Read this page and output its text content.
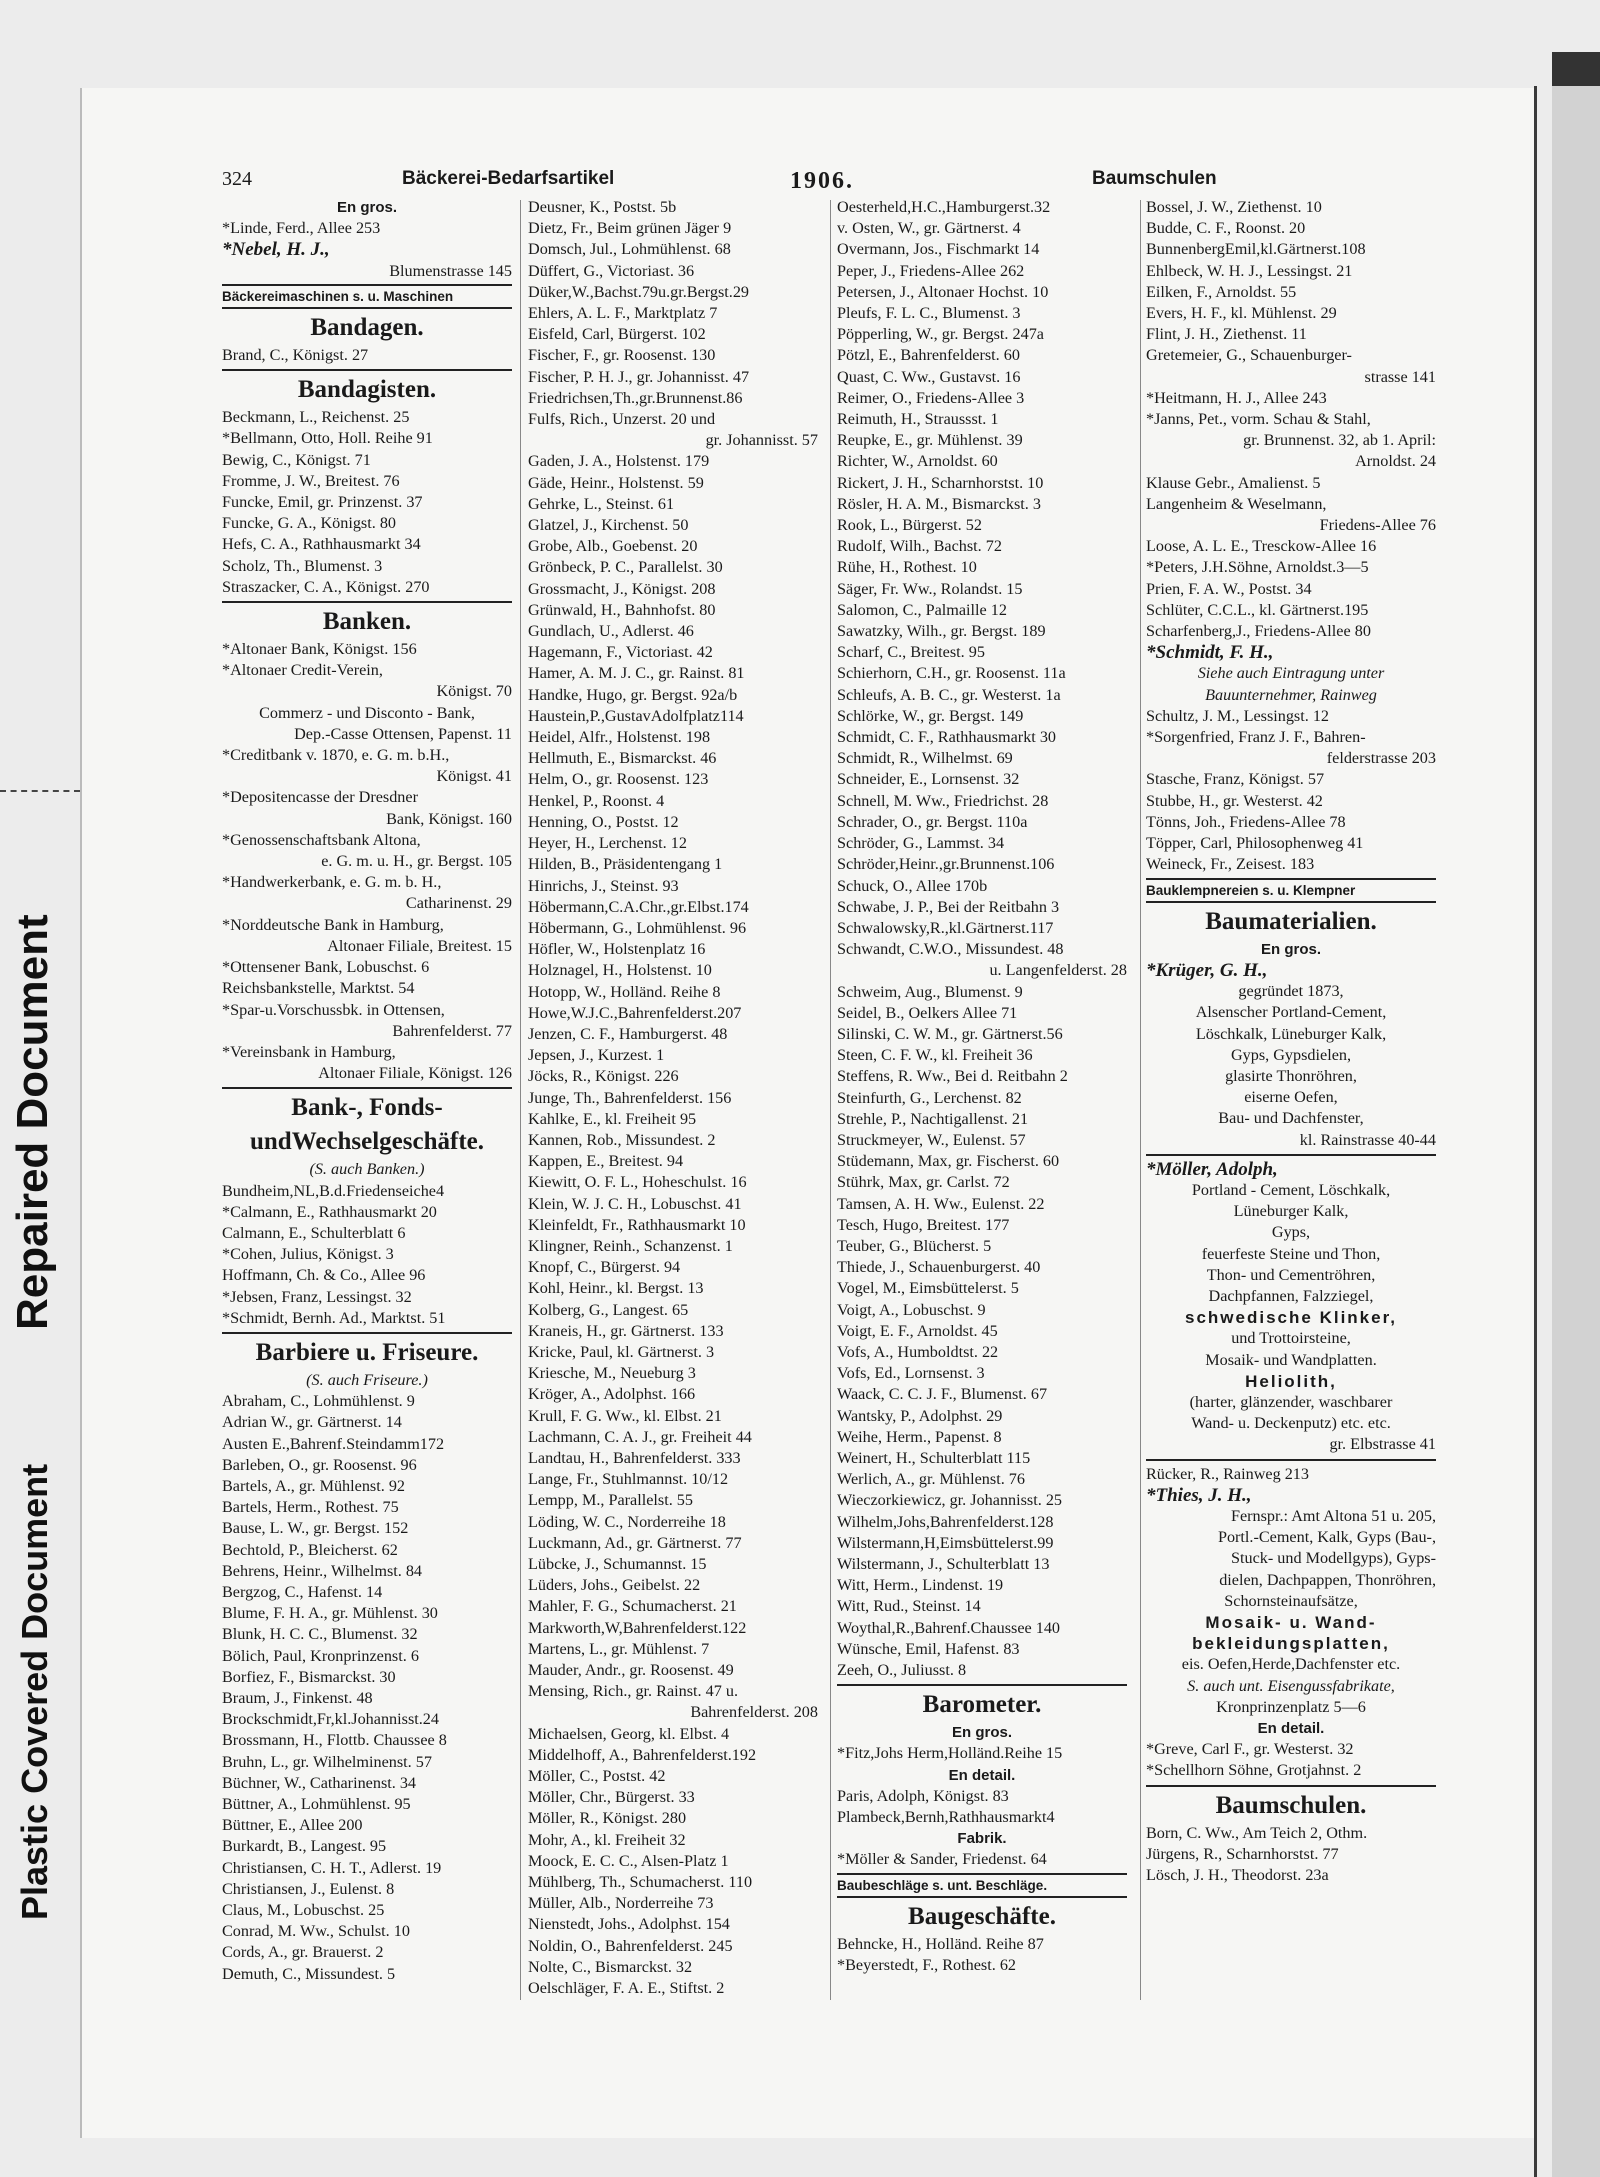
Repaired Document
Plastic Covered Document
324	Bäckerei-Bedarfsartikel	1906.	Baumschulen
En gros.
*Linde, Ferd., Allee 253
*Nebel, H. J.,
Blumenstrasse 145
Bäckereimaschinen s. u. Maschinen
Bandagen.
Brand, C., Königst. 27
Bandagisten.
Beckmann, L., Reichenst. 25
*Bellmann, Otto, Holl. Reihe 91
Bewig, C., Königst. 71
Fromme, J. W., Breitest. 76
Funcke, Emil, gr. Prinzenst. 37
Funcke, G. A., Königst. 80
Hefs, C. A., Rathhausmarkt 34
Scholz, Th., Blumenst. 3
Straszacker, C. A., Königst. 270
Banken.
*Altonaer Bank, Königst. 156
*Altonaer Credit-Verein,
Königst. 70
Commerz - und Disconto - Bank,
Dep.-Casse Ottensen, Papenst. 11
*Creditbank v. 1870, e. G. m. b.H.,
Königst. 41
*Depositencasse der Dresdner
Bank, Königst. 160
*Genossenschaftsbank Altona,
e. G. m. u. H., gr. Bergst. 105
*Handwerkerbank, e. G. m. b. H.,
Catharinenst. 29
*Norddeutsche Bank in Hamburg,
Altonaer Filiale, Breitest. 15
*Ottensener Bank, Lobuschst. 6
Reichsbankstelle, Marktst. 54
*Spar-u.Vorschussbk. in Ottensen,
Bahrenfelderst. 77
*Vereinsbank in Hamburg,
Altonaer Filiale, Königst. 126
Bank-, Fonds-
undWechselgeschäfte.
(S. auch Banken.)
Bundheim,NL,B.d.Friedenseiche4
*Calmann, E., Rathhausmarkt 20
Calmann, E., Schulterblatt 6
*Cohen, Julius, Königst. 3
Hoffmann, Ch. & Co., Allee 96
*Jebsen, Franz, Lessingst. 32
*Schmidt, Bernh. Ad., Marktst. 51
Barbiere u. Friseure.
(S. auch Friseure.)
Abraham, C., Lohmühlenst. 9
Adrian W., gr. Gärtnerst. 14
Austen E.,Bahrenf.Steindamm172
Barleben, O., gr. Roosenst. 96
Bartels, A., gr. Mühlenst. 92
Bartels, Herm., Rothest. 75
Bause, L. W., gr. Bergst. 152
Bechtold, P., Bleicherst. 62
Behrens, Heinr., Wilhelmst. 84
Bergzog, C., Hafenst. 14
Blume, F. H. A., gr. Mühlenst. 30
Blunk, H. C. C., Blumenst. 32
Bölich, Paul, Kronprinzenst. 6
Borfiez, F., Bismarckst. 30
Braum, J., Finkenst. 48
Brockschmidt,Fr,kl.Johannisst.24
Brossmann, H., Flottb. Chaussee 8
Bruhn, L., gr. Wilhelminenst. 57
Büchner, W., Catharinenst. 34
Büttner, A., Lohmühlenst. 95
Büttner, E., Allee 200
Burkardt, B., Langest. 95
Christiansen, C. H. T., Adlerst. 19
Christiansen, J., Eulenst. 8
Claus, M., Lobuschst. 25
Conrad, M. Ww., Schulst. 10
Cords, A., gr. Brauerst. 2
Demuth, C., Missundest. 5
Deusner, K., Postst. 5b
Dietz, Fr., Beim grünen Jäger 9
Domsch, Jul., Lohmühlenst. 68
Düffert, G., Victoriast. 36
Düker,W.,Bachst.79u.gr.Bergst.29
Ehlers, A. L. F., Marktplatz 7
Eisfeld, Carl, Bürgerst. 102
Fischer, F., gr. Roosenst. 130
Fischer, P. H. J., gr. Johannisst. 47
Friedrichsen,Th.,gr.Brunnenst.86
Fulfs, Rich., Unzerst. 20 und
gr. Johannisst. 57
Gaden, J. A., Holstenst. 179
Gäde, Heinr., Holstenst. 59
Gehrke, L., Steinst. 61
Glatzel, J., Kirchenst. 50
Grobe, Alb., Goebenst. 20
Grönbeck, P. C., Parallelst. 30
Grossmacht, J., Königst. 208
Grünwald, H., Bahnhofst. 80
Gundlach, U., Adlerst. 46
Hagemann, F., Victoriast. 42
Hamer, A. M. J. C., gr. Rainst. 81
Handke, Hugo, gr. Bergst. 92a/b
Haustein,P.,GustavAdolfplatz114
Heidel, Alfr., Holstenst. 198
Hellmuth, E., Bismarckst. 46
Helm, O., gr. Roosenst. 123
Henkel, P., Roonst. 4
Henning, O., Postst. 12
Heyer, H., Lerchenst. 12
Hilden, B., Präsidentengang 1
Hinrichs, J., Steinst. 93
Höbermann,C.A.Chr.,gr.Elbst.174
Höbermann, G., Lohmühlenst. 96
Höfler, W., Holstenplatz 16
Holznagel, H., Holstenst. 10
Hotopp, W., Holländ. Reihe 8
Howe,W.J.C.,Bahrenfelderst.207
Jenzen, C. F., Hamburgerst. 48
Jepsen, J., Kurzest. 1
Jöcks, R., Königst. 226
Junge, Th., Bahrenfelderst. 156
Kahlke, E., kl. Freiheit 95
Kannen, Rob., Missundest. 2
Kappen, E., Breitest. 94
Kiewitt, O. F. L., Hoheschulst. 16
Klein, W. J. C. H., Lobuschst. 41
Kleinfeldt, Fr., Rathhausmarkt 10
Klingner, Reinh., Schanzenst. 1
Knopf, C., Bürgerst. 94
Kohl, Heinr., kl. Bergst. 13
Kolberg, G., Langest. 65
Kraneis, H., gr. Gärtnerst. 133
Kricke, Paul, kl. Gärtnerst. 3
Kriesche, M., Neueburg 3
Kröger, A., Adolphst. 166
Krull, F. G. Ww., kl. Elbst. 21
Lachmann, C. A. J., gr. Freiheit 44
Landtau, H., Bahrenfelderst. 333
Lange, Fr., Stuhlmannst. 10/12
Lempp, M., Parallelst. 55
Löding, W. C., Norderreihe 18
Luckmann, Ad., gr. Gärtnerst. 77
Lübcke, J., Schumannst. 15
Lüders, Johs., Geibelst. 22
Mahler, F. G., Schumacherst. 21
Markworth,W,Bahrenfelderst.122
Martens, L., gr. Mühlenst. 7
Mauder, Andr., gr. Roosenst. 49
Mensing, Rich., gr. Rainst. 47 u.
Bahrenfelderst. 208
Michaelsen, Georg, kl. Elbst. 4
Middelhoff, A., Bahrenfelderst.192
Möller, C., Postst. 42
Möller, Chr., Bürgerst. 33
Möller, R., Königst. 280
Mohr, A., kl. Freiheit 32
Moock, E. C. C., Alsen-Platz 1
Mühlberg, Th., Schumacherst. 110
Müller, Alb., Norderreihe 73
Nienstedt, Johs., Adolphst. 154
Noldin, O., Bahrenfelderst. 245
Nolte, C., Bismarckst. 32
Oelschläger, F. A. E., Stiftst. 2
Oesterheld,H.C.,Hamburgerst.32
v. Osten, W., gr. Gärtnerst. 4
Overmann, Jos., Fischmarkt 14
Peper, J., Friedens-Allee 262
Petersen, J., Altonaer Hochst. 10
Pleufs, F. L. C., Blumenst. 3
Pöpperling, W., gr. Bergst. 247a
Pötzl, E., Bahrenfelderst. 60
Quast, C. Ww., Gustavst. 16
Reimer, O., Friedens-Allee 3
Reimuth, H., Straussst. 1
Reupke, E., gr. Mühlenst. 39
Richter, W., Arnoldst. 60
Rickert, J. H., Scharnhorstst. 10
Rösler, H. A. M., Bismarckst. 3
Rook, L., Bürgerst. 52
Rudolf, Wilh., Bachst. 72
Rühe, H., Rothest. 10
Säger, Fr. Ww., Rolandst. 15
Salomon, C., Palmaille 12
Sawatzky, Wilh., gr. Bergst. 189
Scharf, C., Breitest. 95
Schierhorn, C.H., gr. Roosenst. 11a
Schleufs, A. B. C., gr. Westerst. 1a
Schlörke, W., gr. Bergst. 149
Schmidt, C. F., Rathhausmarkt 30
Schmidt, R., Wilhelmst. 69
Schneider, E., Lornsenst. 32
Schnell, M. Ww., Friedrichst. 28
Schrader, O., gr. Bergst. 110a
Schröder, G., Lammst. 34
Schröder,Heinr.,gr.Brunnenst.106
Schuck, O., Allee 170b
Schwabe, J. P., Bei der Reitbahn 3
Schwalowsky,R.,kl.Gärtnerst.117
Schwandt, C.W.O., Missundest. 48
u. Langenfelderst. 28
Schweim, Aug., Blumenst. 9
Seidel, B., Oelkers Allee 71
Silinski, C. W. M., gr. Gärtnerst.56
Steen, C. F. W., kl. Freiheit 36
Steffens, R. Ww., Bei d. Reitbahn 2
Steinfurth, G., Lerchenst. 82
Strehle, P., Nachtigallenst. 21
Struckmeyer, W., Eulenst. 57
Stüdemann, Max, gr. Fischerst. 60
Stührk, Max, gr. Carlst. 72
Tamsen, A. H. Ww., Eulenst. 22
Tesch, Hugo, Breitest. 177
Teuber, G., Blücherst. 5
Thiede, J., Schauenburgerst. 40
Vogel, M., Eimsbüttelerst. 5
Voigt, A., Lobuschst. 9
Voigt, E. F., Arnoldst. 45
Vofs, A., Humboldtst. 22
Vofs, Ed., Lornsenst. 3
Waack, C. C. J. F., Blumenst. 67
Wantsky, P., Adolphst. 29
Weihe, Herm., Papenst. 8
Weinert, H., Schulterblatt 115
Werlich, A., gr. Mühlenst. 76
Wieczorkiewicz, gr. Johannisst. 25
Wilhelm,Johs,Bahrenfelderst.128
Wilstermann,H,Eimsbüttelerst.99
Wilstermann, J., Schulterblatt 13
Witt, Herm., Lindenst. 19
Witt, Rud., Steinst. 14
Woythal,R.,Bahrenf.Chaussee 140
Wünsche, Emil, Hafenst. 83
Zeeh, O., Juliusst. 8
Barometer.
En gros.
*Fitz,Johs Herm,Holländ.Reihe 15
En detail.
Paris, Adolph, Königst. 83
Plambeck,Bernh,Rathhausmarkt4
Fabrik.
*Möller & Sander, Friedenst. 64
Baubeschläge s. unt. Beschläge.
Baugeschäfte.
Behncke, H., Holländ. Reihe 87
*Beyerstedt, F., Rothest. 62
Bossel, J. W., Ziethenst. 10
Budde, C. F., Roonst. 20
BunnenbergEmil,kl.Gärtnerst.108
Ehlbeck, W. H. J., Lessingst. 21
Eilken, F., Arnoldst. 55
Evers, H. F., kl. Mühlenst. 29
Flint, J. H., Ziethenst. 11
Gretemeier, G., Schauenburger-
strasse 141
*Heitmann, H. J., Allee 243
*Janns, Pet., vorm. Schau & Stahl,
gr. Brunnenst. 32, ab 1. April:
Arnoldst. 24
Klause Gebr., Amalienst. 5
Langenheim & Weselmann,
Friedens-Allee 76
Loose, A. L. E., Tresckow-Allee 16
*Peters, J.H.Söhne, Arnoldst.3—5
Prien, F. A. W., Postst. 34
Schlüter, C.C.L., kl. Gärtnerst.195
Scharfenberg,J., Friedens-Allee 80
*Schmidt, F. H.,
Siehe auch Eintragung unter
Bauunternehmer, Rainweg
Schultz, J. M., Lessingst. 12
*Sorgenfried, Franz J. F., Bahren-
felderstrasse 203
Stasche, Franz, Königst. 57
Stubbe, H., gr. Westerst. 42
Tönns, Joh., Friedens-Allee 78
Töpper, Carl, Philosophenweg 41
Weineck, Fr., Zeisest. 183
Bauklempnereien s. u. Klempner
Baumaterialien.
En gros.
*Krüger, G. H.,
gegründet 1873,
Alsenscher Portland-Cement,
Löschkalk, Lüneburger Kalk,
Gyps, Gypsdielen,
glasirte Thonröhren,
eiserne Oefen,
Bau- und Dachfenster,
kl. Rainstrasse 40-44
*Möller, Adolph,
Portland - Cement, Löschkalk,
Lüneburger Kalk,
Gyps,
feuerfeste Steine und Thon,
Thon- und Cementröhren,
Dachpfannen, Falzziegel,
schwedische Klinker,
und Trottoirsteine,
Mosaik- und Wandplatten.
Heliolith,
(harter, glänzender, waschbarer
Wand- u. Deckenputz) etc. etc.
gr. Elbstrasse 41
Rücker, R., Rainweg 213
*Thies, J. H.,
Fernspr.: Amt Altona 51 u. 205,
Portl.-Cement, Kalk, Gyps (Bau-,
Stuck- und Modellgyps), Gyps-
dielen, Dachpappen, Thonröhren,
Schornsteinaufsätze,
Mosaik- u. Wand-
bekleidungsplatten,
eis. Oefen,Herde,Dachfenster etc.
S. auch unt. Eisengussfabrikate,
Kronprinzenplatz 5—6
En detail.
*Greve, Carl F., gr. Westerst. 32
*Schellhorn Söhne, Grotjahnst. 2
Baumschulen.
Born, C. Ww., Am Teich 2, Othm.
Jürgens, R., Scharnhorstst. 77
Lösch, J. H., Theodorst. 23a
